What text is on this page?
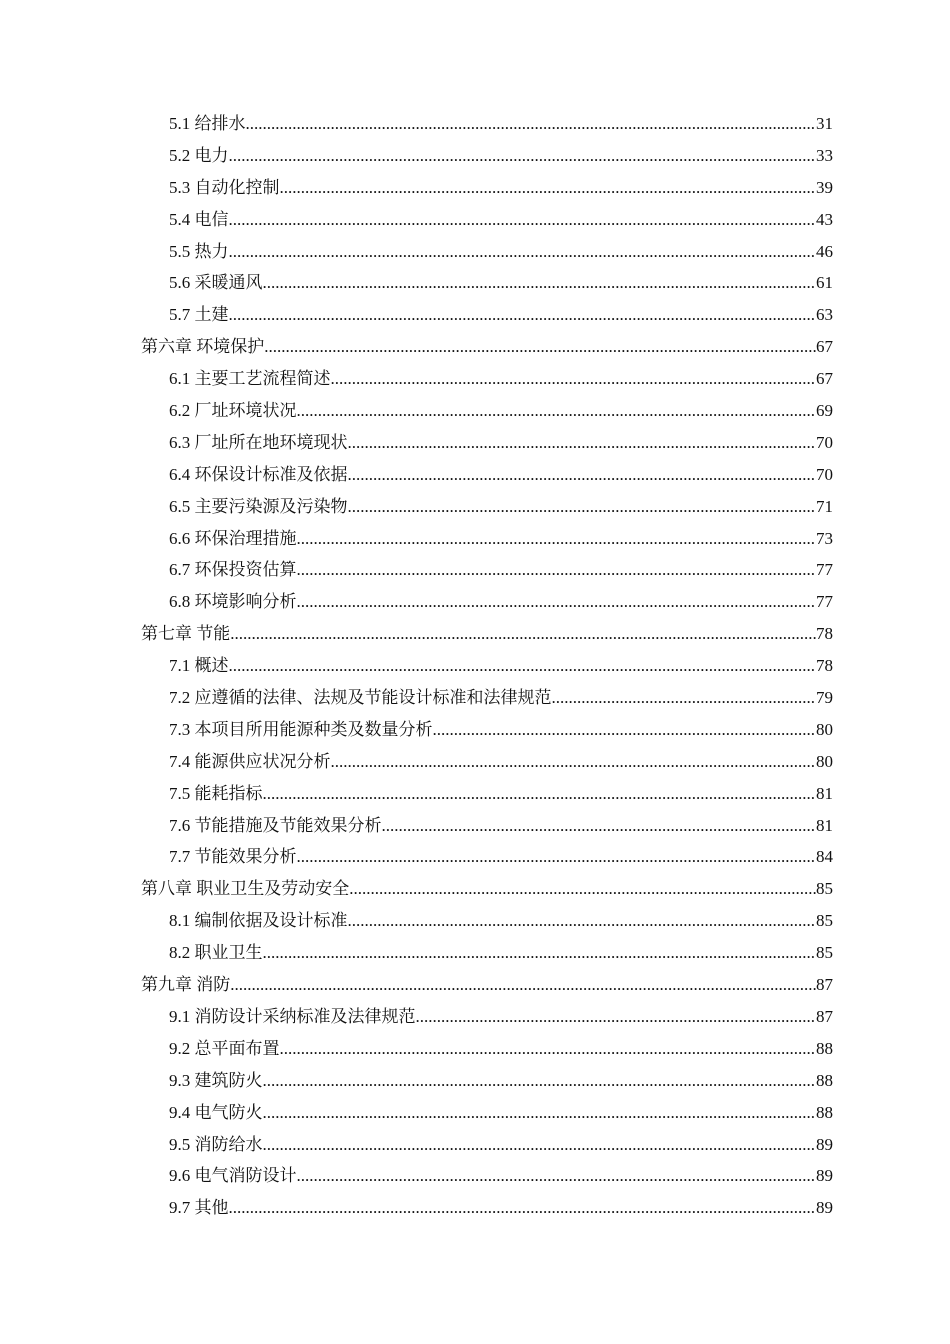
5.1 给排水 .....	31
5.2 电力 .....	33
5.3 自动化控制 .....	39
5.4 电信 .....	43
5.5 热力 .....	46
5.6 采暖通风 .....	61
5.7 土建 .....	63
第六章 环境保护 .....	67
6.1 主要工艺流程简述 .....	67
6.2 厂址环境状况 .....	69
6.3 厂址所在地环境现状 .....	70
6.4 环保设计标准及依据 .....	70
6.5 主要污染源及污染物 .....	71
6.6 环保治理措施 .....	73
6.7 环保投资估算 .....	77
6.8 环境影响分析 .....	77
第七章 节能 .....	78
7.1 概述 .....	78
7.2 应遵循的法律、法规及节能设计标准和法律规范 .....	79
7.3 本项目所用能源种类及数量分析 .....	80
7.4 能源供应状况分析 .....	80
7.5 能耗指标 .....	81
7.6 节能措施及节能效果分析 .....	81
7.7 节能效果分析 .....	84
第八章 职业卫生及劳动安全 .....	85
8.1 编制依据及设计标准 .....	85
8.2 职业卫生 .....	85
第九章 消防 .....	87
9.1 消防设计采纳标准及法律规范 .....	87
9.2 总平面布置 .....	88
9.3 建筑防火 .....	88
9.4 电气防火 .....	88
9.5 消防给水 .....	89
9.6 电气消防设计 .....	89
9.7 其他 .....	89
